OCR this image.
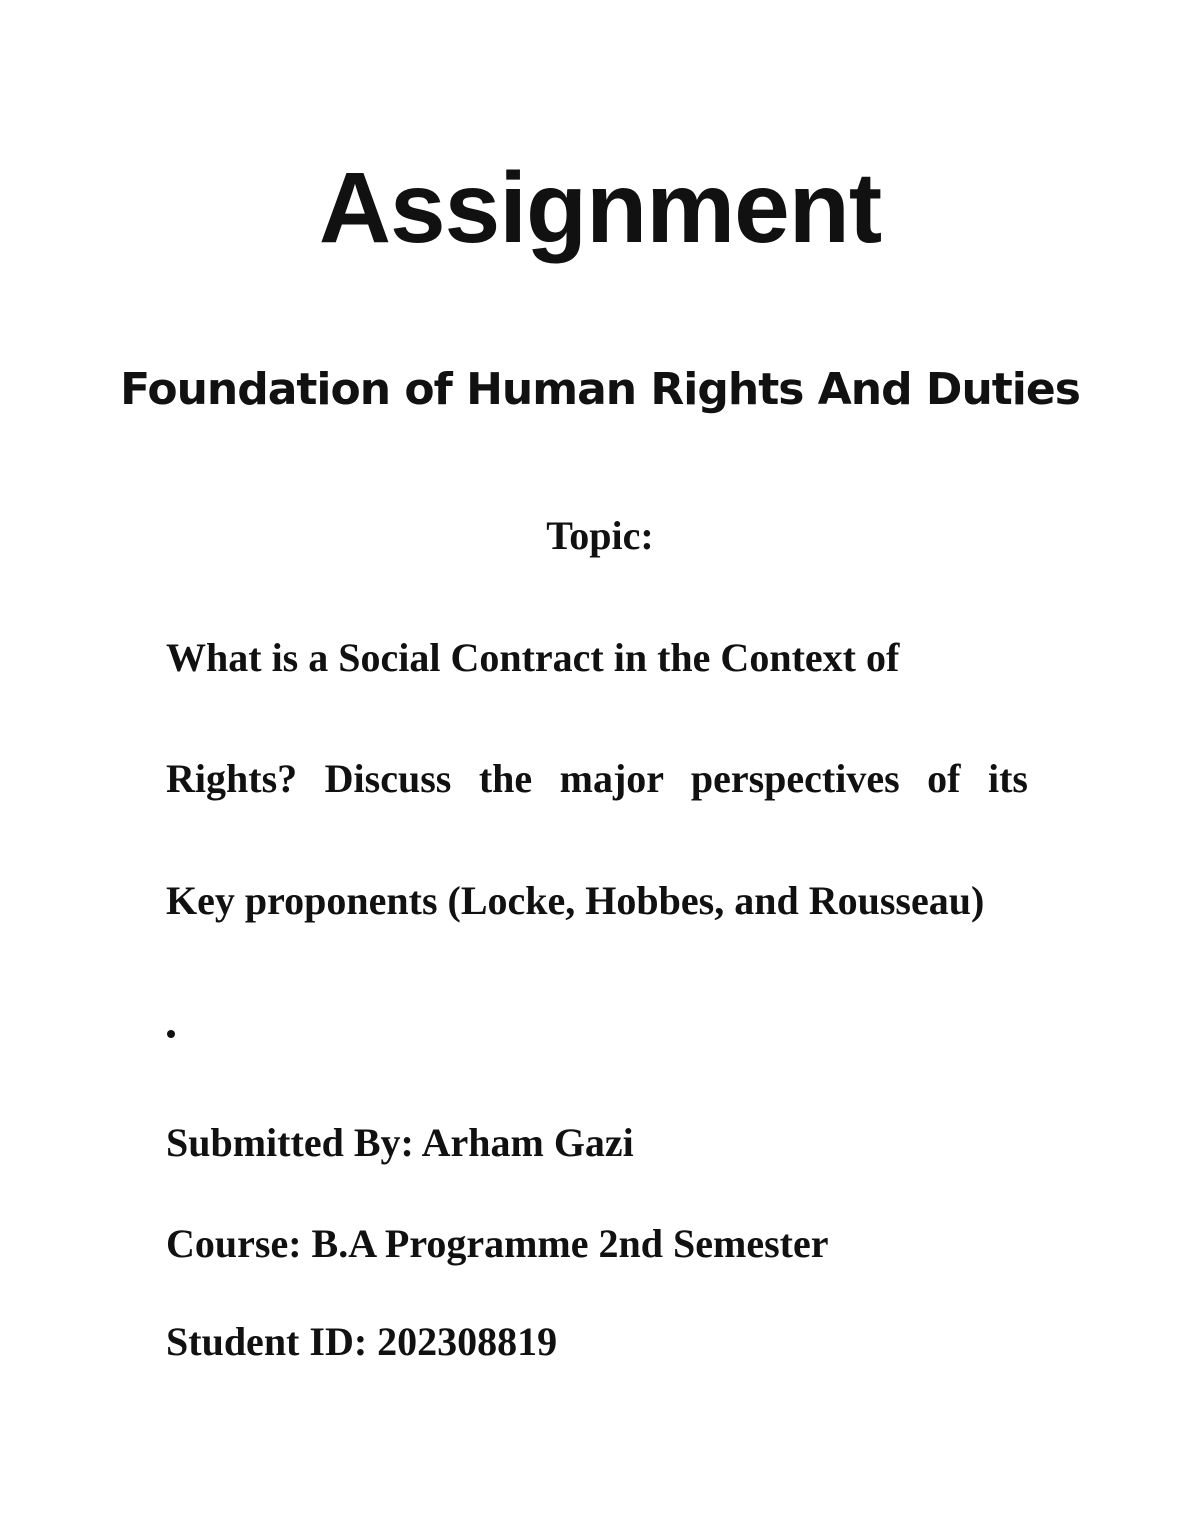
Assignment
Foundation of Human Rights And Duties
Topic:
What is a Social Contract in the Context of
Rights? Discuss the major perspectives of its
Key proponents (Locke, Hobbes, and Rousseau)
Submitted By: Arham Gazi
Course: B.A Programme 2nd Semester
Student ID: 202308819
